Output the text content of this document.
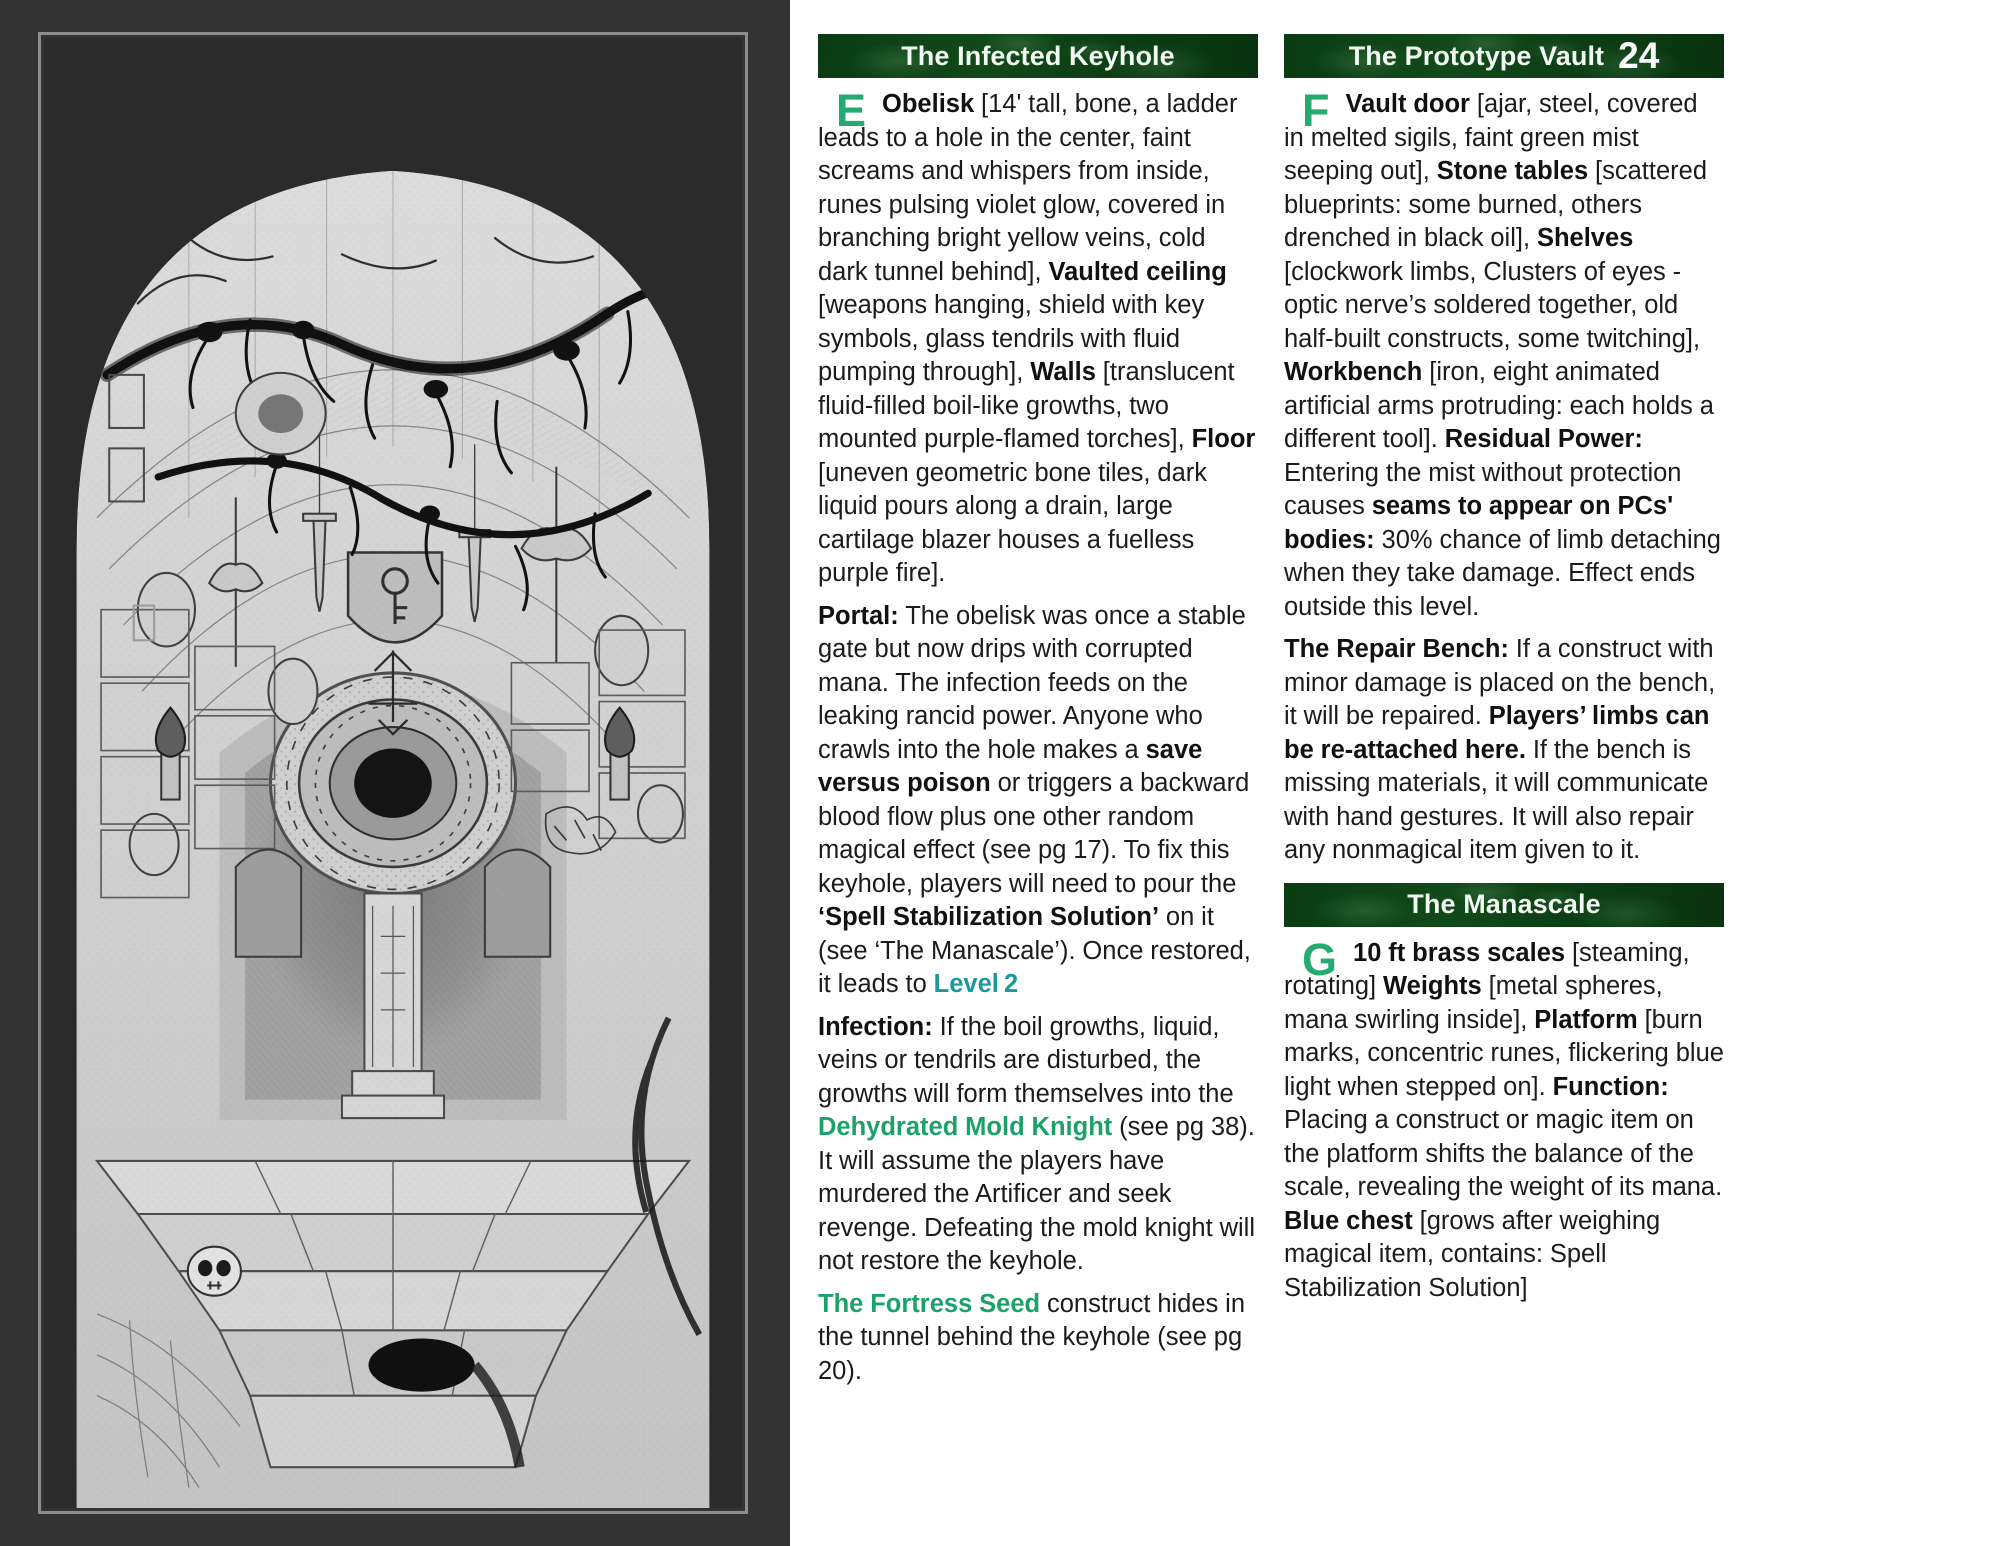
The Infected Keyhole
E Obelisk [14' tall, bone, a ladder leads to a hole in the center, faint screams and whispers from inside, runes pulsing violet glow, covered in branching bright yellow veins, cold dark tunnel behind], Vaulted ceiling [weapons hanging, shield with key symbols, glass tendrils with fluid pumping through], Walls [translucent fluid-filled boil-like growths, two mounted purple-flamed torches], Floor [uneven geometric bone tiles, dark liquid pours along a drain, large cartilage blazer houses a fuelless purple fire].

Portal: The obelisk was once a stable gate but now drips with corrupted mana. The infection feeds on the leaking rancid power. Anyone who crawls into the hole makes a save versus poison or triggers a backward blood flow plus one other random magical effect (see pg 17). To fix this keyhole, players will need to pour the ‘Spell Stabilization Solution’ on it (see ‘The Manascale’). Once restored, it leads to Level 2

Infection: If the boil growths, liquid, veins or tendrils are disturbed, the growths will form themselves into the Dehydrated Mold Knight (see pg 38). It will assume the players have murdered the Artificer and seek revenge. Defeating the mold knight will not restore the keyhole.

The Fortress Seed construct hides in the tunnel behind the keyhole (see pg 20).

The Prototype Vault 24
F Vault door [ajar, steel, covered in melted sigils, faint green mist seeping out], Stone tables [scattered blueprints: some burned, others drenched in black oil], Shelves [clockwork limbs, Clusters of eyes - optic nerve’s soldered together, old half-built constructs, some twitching], Workbench [iron, eight animated artificial arms protruding: each holds a different tool]. Residual Power: Entering the mist without protection causes seams to appear on PCs' bodies: 30% chance of limb detaching when they take damage. Effect ends outside this level.

The Repair Bench: If a construct with minor damage is placed on the bench, it will be repaired. Players’ limbs can be re-attached here. If the bench is missing materials, it will communicate with hand gestures. It will also repair any nonmagical item given to it.

The Manascale
G 10 ft brass scales [steaming, rotating] Weights [metal spheres, mana swirling inside], Platform [burn marks, concentric runes, flickering blue light when stepped on]. Function: Placing a construct or magic item on the platform shifts the balance of the scale, revealing the weight of its mana. Blue chest [grows after weighing magical item, contains: Spell Stabilization Solution]
